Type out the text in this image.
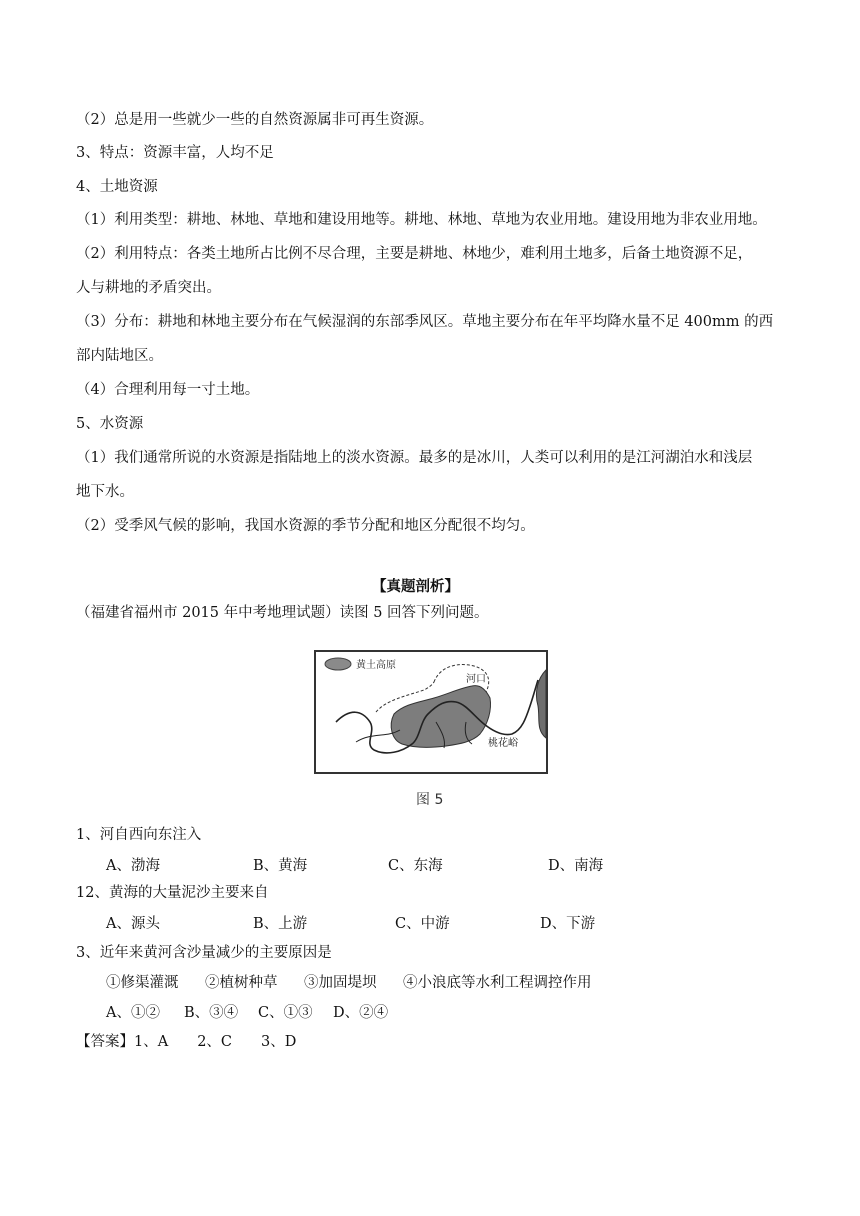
（2）总是用一些就少一些的自然资源属非可再生资源。
3、特点：资源丰富，人均不足
4、土地资源
（1）利用类型：耕地、林地、草地和建设用地等。耕地、林地、草地为农业用地。建设用地为非农业用地。
（2）利用特点：各类土地所占比例不尽合理，主要是耕地、林地少，难利用土地多，后备土地资源不足，
人与耕地的矛盾突出。
（3）分布：耕地和林地主要分布在气候湿润的东部季风区。草地主要分布在年平均降水量不足 400mm 的西
部内陆地区。
（4）合理利用每一寸土地。
5、水资源
（1）我们通常所说的水资源是指陆地上的淡水资源。最多的是冰川，人类可以利用的是江河湖泊水和浅层
地下水。
（2）受季风气候的影响，我国水资源的季节分配和地区分配很不均匀。
【真题剖析】
（福建省福州市 2015 年中考地理试题）读图 5 回答下列问题。
黄土高原
河口
桃花峪
图 5
1、河自西向东注入
A、渤海	B、黄海	C、东海	D、南海
12、黄海的大量泥沙主要来自
A、源头	B、上游	C、中游	D、下游
3、近年来黄河含沙量减少的主要原因是
①修渠灌溉 ②植树种草 ③加固堤坝 ④小浪底等水利工程调控作用
A、①② B、③④ C、①③ D、②④
【答案】1、A　　2、C　　3、D
